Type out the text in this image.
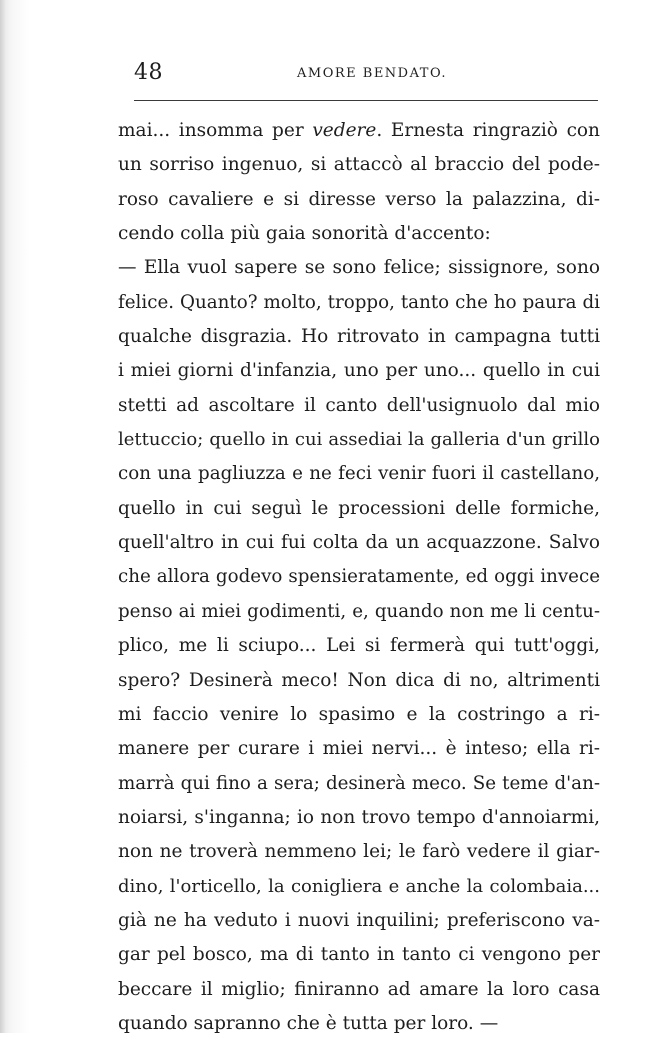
48	AMORE BENDATO.
mai... insomma per vedere. Ernesta ringraziò con
un sorriso ingenuo, si attaccò al braccio del pode-
roso cavaliere e si diresse verso la palazzina, di-
cendo colla più gaia sonorità d'accento:
— Ella vuol sapere se sono felice; sissignore, sono
felice. Quanto? molto, troppo, tanto che ho paura di
qualche disgrazia. Ho ritrovato in campagna tutti
i miei giorni d'infanzia, uno per uno... quello in cui
stetti ad ascoltare il canto dell'usignuolo dal mio
lettuccio; quello in cui assediai la galleria d'un grillo
con una pagliuzza e ne feci venir fuori il castellano,
quello in cui seguì le processioni delle formiche,
quell'altro in cui fui colta da un acquazzone. Salvo
che allora godevo spensieratamente, ed oggi invece
penso ai miei godimenti, e, quando non me li centu-
plico, me li sciupo... Lei si fermerà qui tutt'oggi,
spero? Desinerà meco! Non dica di no, altrimenti
mi faccio venire lo spasimo e la costringo a ri-
manere per curare i miei nervi... è inteso; ella ri-
marrà qui fino a sera; desinerà meco. Se teme d'an-
noiarsi, s'inganna; io non trovo tempo d'annoiarmi,
non ne troverà nemmeno lei; le farò vedere il giar-
dino, l'orticello, la conigliera e anche la colombaia...
già ne ha veduto i nuovi inquilini; preferiscono va-
gar pel bosco, ma di tanto in tanto ci vengono per
beccare il miglio; finiranno ad amare la loro casa
quando sapranno che è tutta per loro. —
